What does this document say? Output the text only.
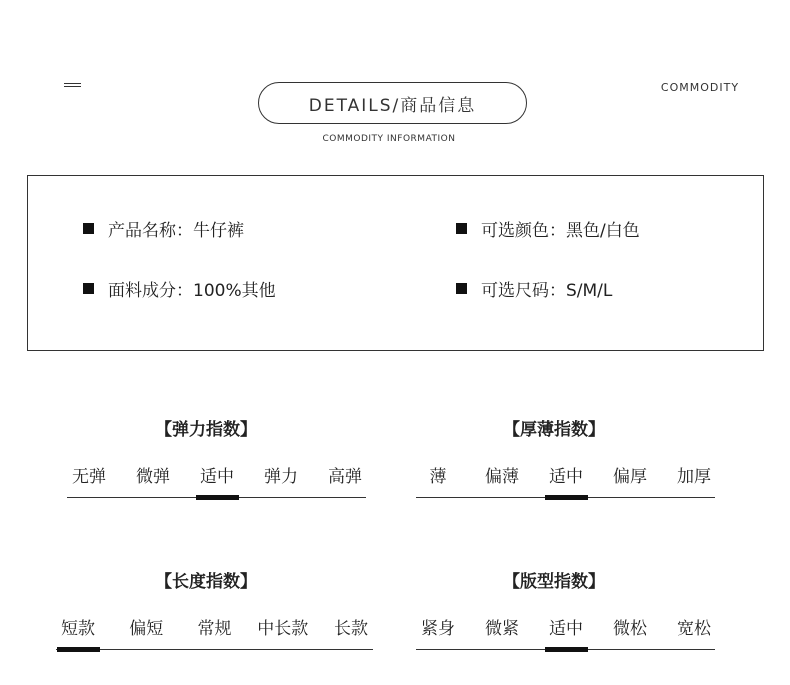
COMMODITY
DETAILS/商品信息
COMMODITY INFORMATION
产品名称：牛仔裤	可选颜色：黑色/白色
面料成分：100%其他	可选尺码：S/M/L
【弹力指数】
无弹 微弹 适中 弹力 高弹
【厚薄指数】
薄 偏薄 适中 偏厚 加厚
【长度指数】
短款 偏短 常规 中长款 长款
【版型指数】
紧身 微紧 适中 微松 宽松
